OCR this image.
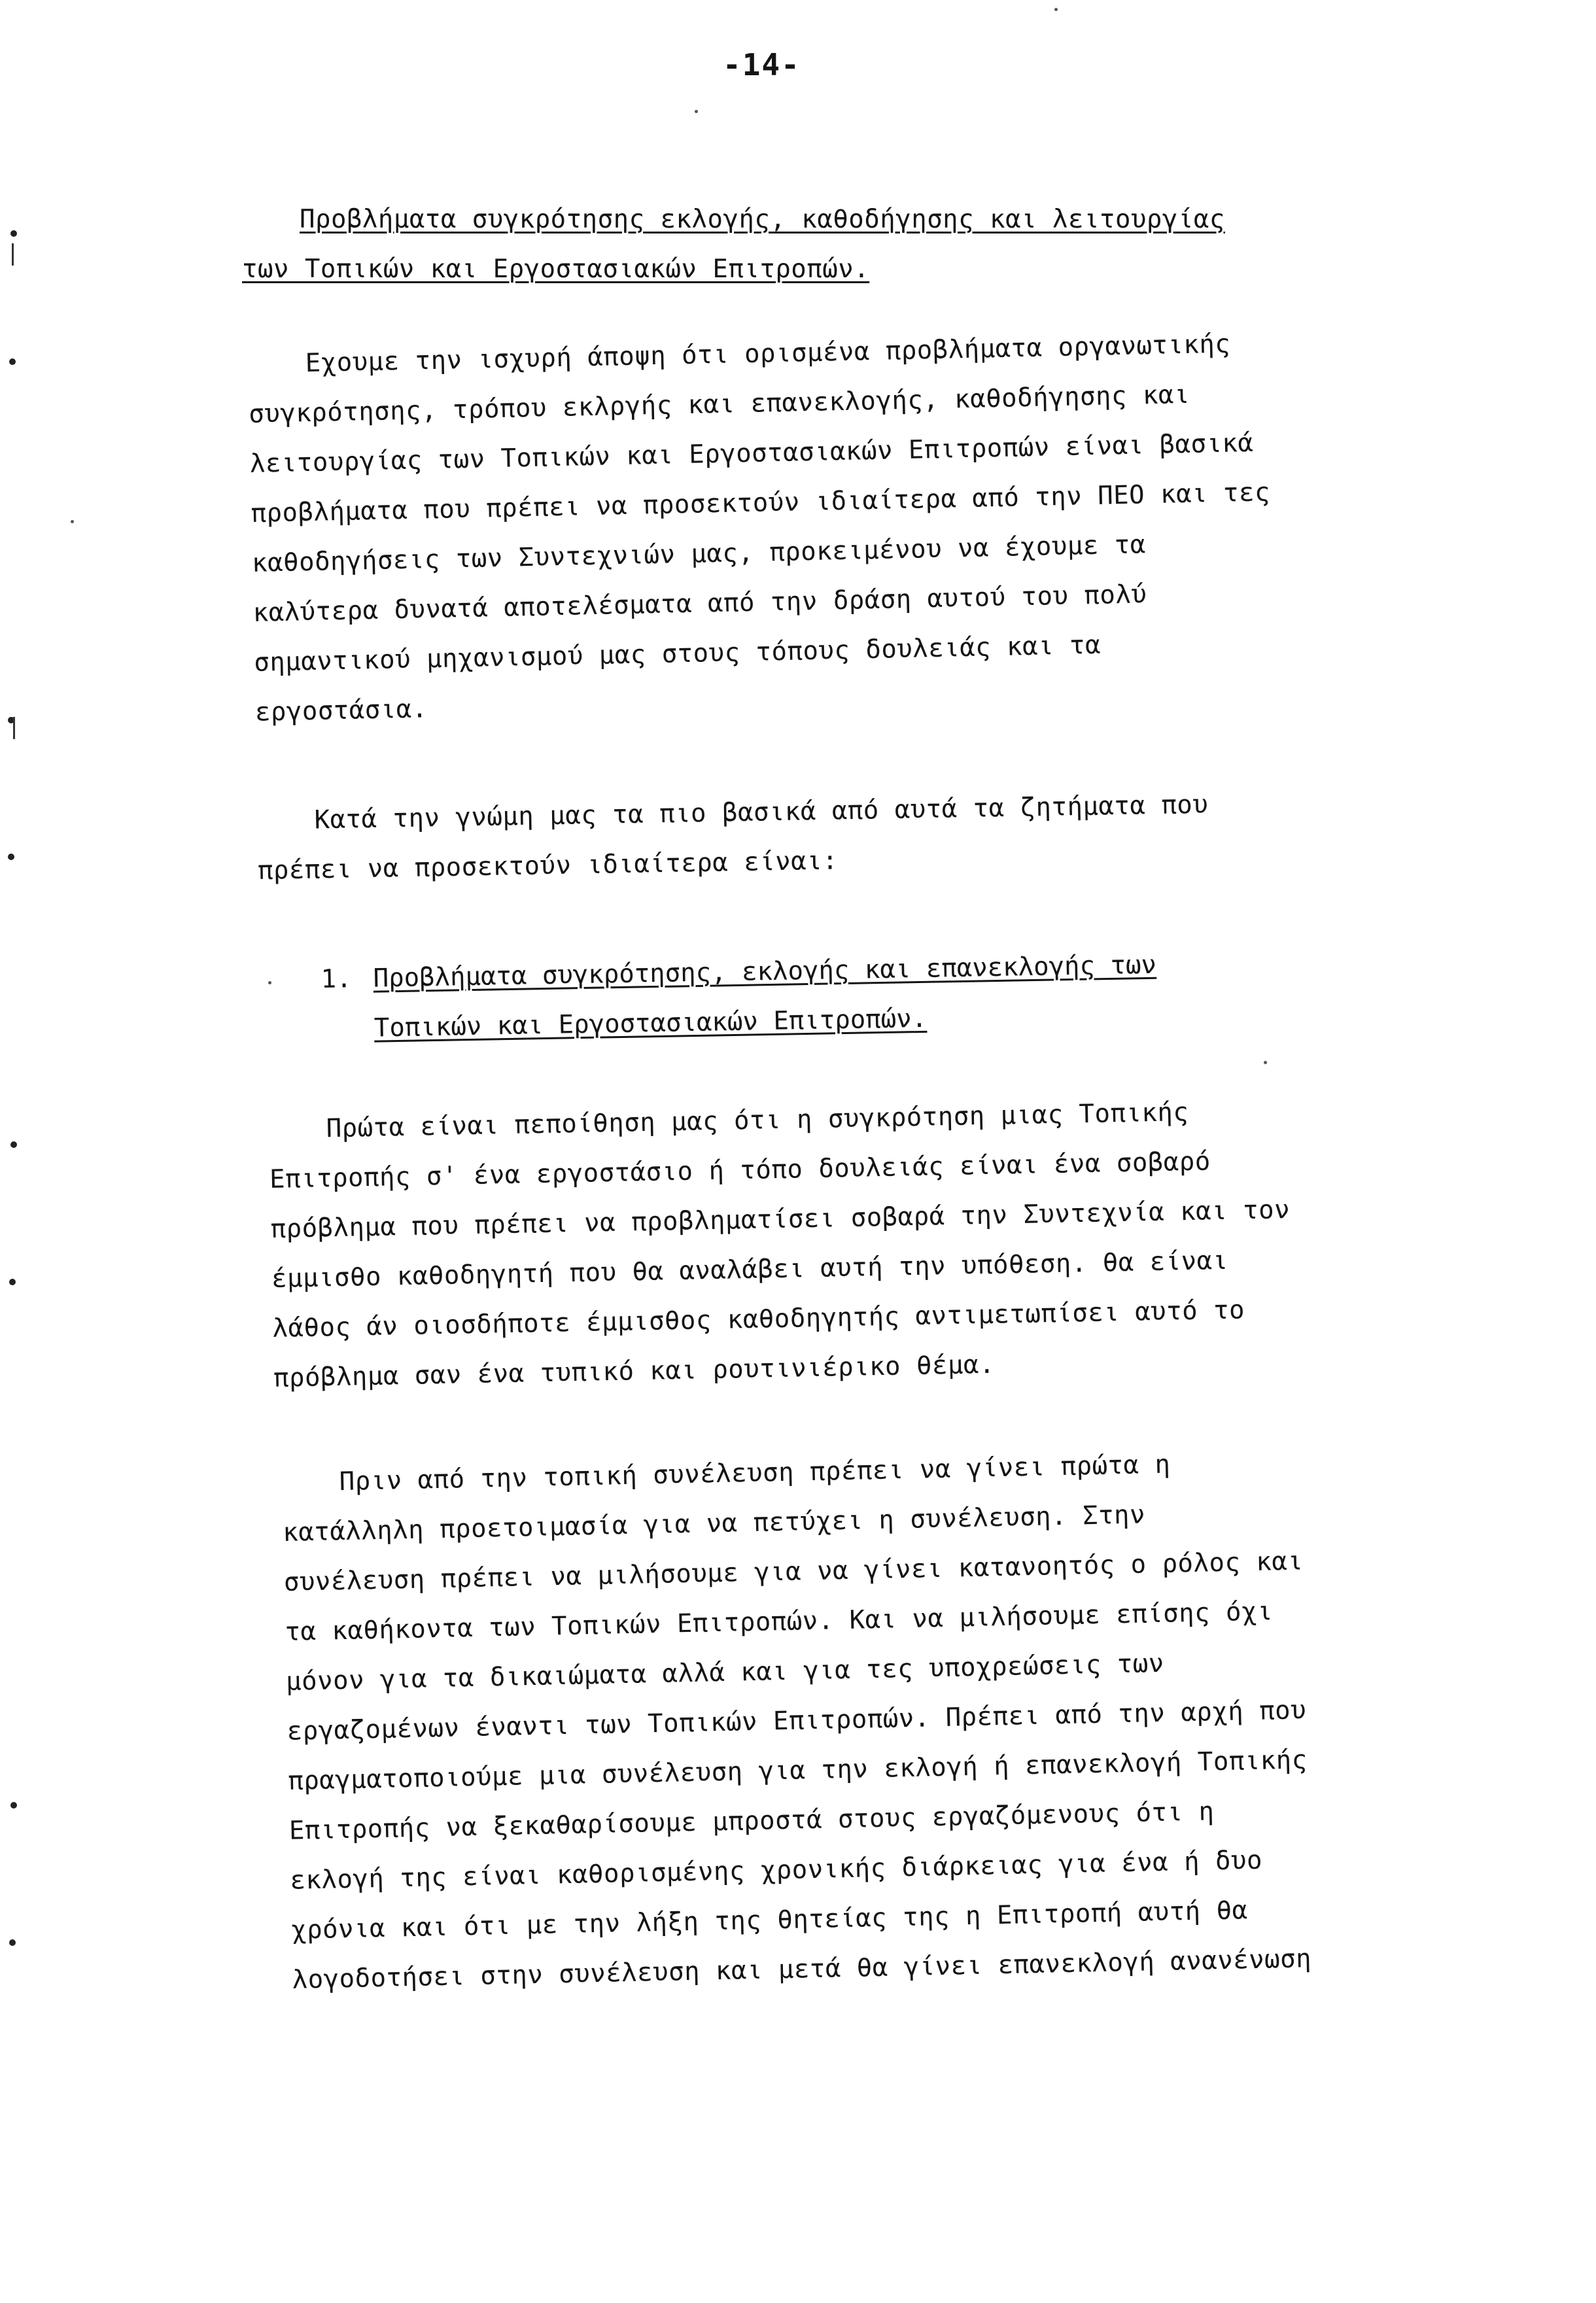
-14-
Προβλήματα συγκρότησης εκλογής, καθοδήγησης και λειτουργίας
των Τοπικών και Εργοστασιακών Επιτροπών.
Εχουμε την ισχυρή άποψη ότι ορισμένα προβλήματα οργανωτικής
συγκρότησης, τρόπου εκλργής και επανεκλογής, καθοδήγησης και
λειτουργίας των Τοπικών και Εργοστασιακών Επιτροπών είναι βασικά
προβλήματα που πρέπει να προσεκτούν ιδιαίτερα από την ΠΕΟ και τες
καθοδηγήσεις των Συντεχνιών μας, προκειμένου να έχουμε τα
καλύτερα δυνατά αποτελέσματα από την δράση αυτού του πολύ
σημαντικού μηχανισμού μας στους τόπους δουλειάς και τα
εργοστάσια.
Κατά την γνώμη μας τα πιο βασικά από αυτά τα ζητήματα που
πρέπει να προσεκτούν ιδιαίτερα είναι:
1. Προβλήματα συγκρότησης, εκλογής και επανεκλογής των
Τοπικών και Εργοστασιακών Επιτροπών.
Πρώτα είναι πεποίθηση μας ότι η συγκρότηση μιας Τοπικής
Επιτροπής σ' ένα εργοστάσιο ή τόπο δουλειάς είναι ένα σοβαρό
πρόβλημα που πρέπει να προβληματίσει σοβαρά την Συντεχνία και τον
έμμισθο καθοδηγητή που θα αναλάβει αυτή την υπόθεση. θα είναι
λάθος άν οιοσδήποτε έμμισθος καθοδηγητής αντιμετωπίσει αυτό το
πρόβλημα σαν ένα τυπικό και ρουτινιέρικο θέμα.
Πριν από την τοπική συνέλευση πρέπει να γίνει πρώτα η
κατάλληλη προετοιμασία για να πετύχει η συνέλευση. Στην
συνέλευση πρέπει να μιλήσουμε για να γίνει κατανοητός ο ρόλος και
τα καθήκοντα των Τοπικών Επιτροπών. Και να μιλήσουμε επίσης όχι
μόνον για τα δικαιώματα αλλά και για τες υποχρεώσεις των
εργαζομένων έναντι των Τοπικών Επιτροπών. Πρέπει από την αρχή που
πραγματοποιούμε μια συνέλευση για την εκλογή ή επανεκλογή Τοπικής
Επιτροπής να ξεκαθαρίσουμε μπροστά στους εργαζόμενους ότι η
εκλογή της είναι καθορισμένης χρονικής διάρκειας για ένα ή δυο
χρόνια και ότι με την λήξη της θητείας της η Επιτροπή αυτή θα
λογοδοτήσει στην συνέλευση και μετά θα γίνει επανεκλογή ανανένωση
